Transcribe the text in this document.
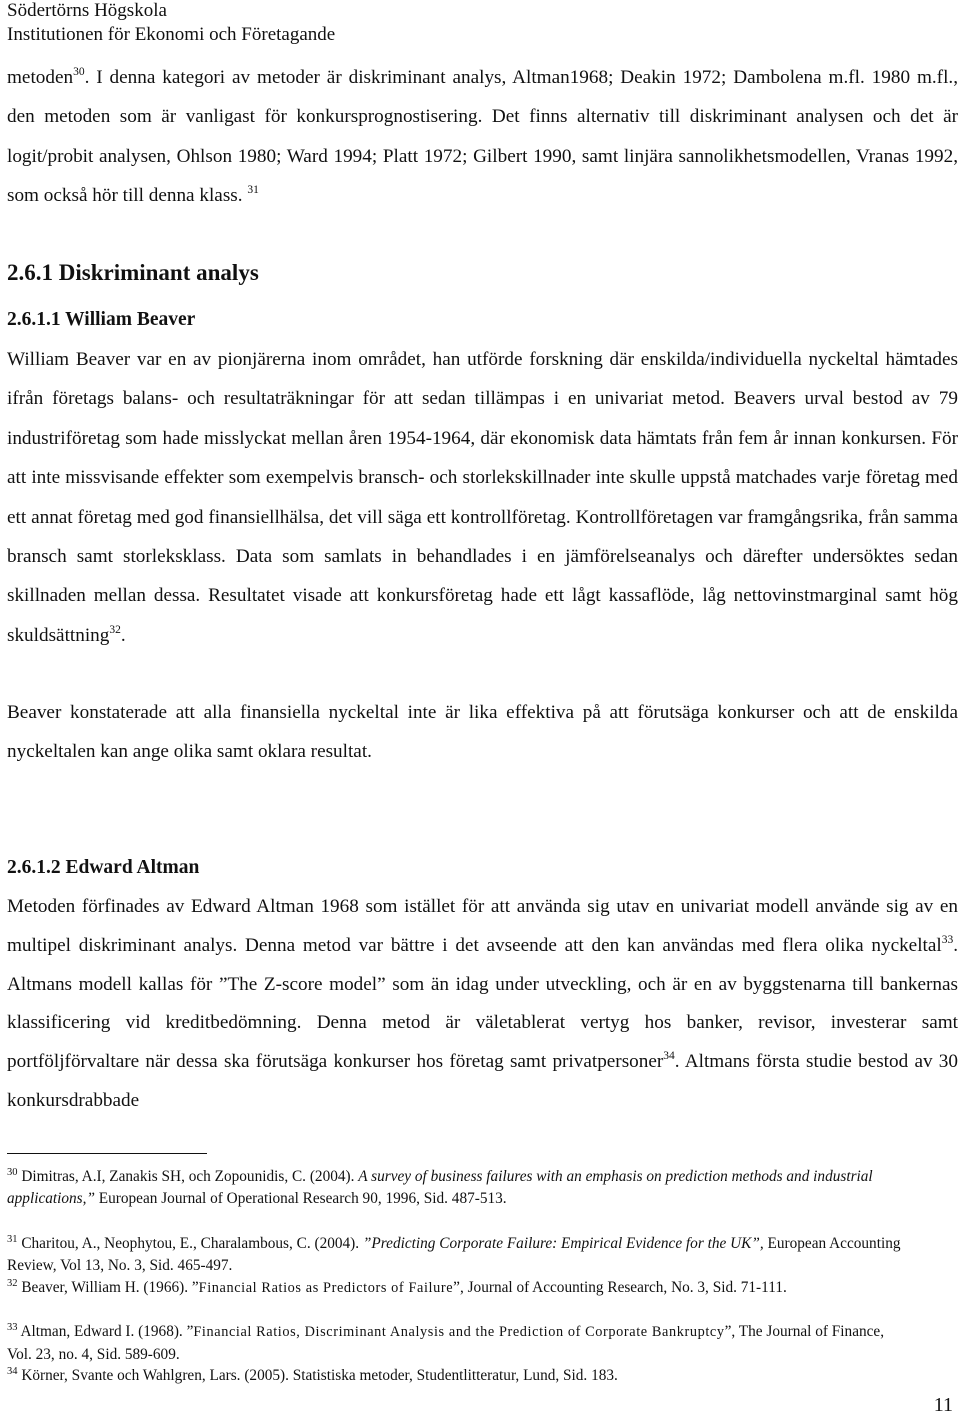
Södertörns Högskola
Institutionen för Ekonomi och Företagande
metoden$^{30}$. I denna kategori av metoder är diskriminant analys, Altman1968; Deakin 1972; Dambolena m.fl. 1980 m.fl., den metoden som är vanligast för konkursprognostisering. Det finns alternativ till diskriminant analysen och det är logit/probit analysen, Ohlson 1980; Ward 1994; Platt 1972; Gilbert 1990, samt linjära sannolikhetsmodellen, Vranas 1992, som också hör till denna klass. $^{31}$
2.6.1 Diskriminant analys
2.6.1.1 William Beaver
William Beaver var en av pionjärerna inom området, han utförde forskning där enskilda/individuella nyckeltal hämtades ifrån företags balans- och resultaträkningar för att sedan tillämpas i en univariat metod. Beavers urval bestod av 79 industriföretag som hade misslyckat mellan åren 1954-1964, där ekonomisk data hämtats från fem år innan konkursen. För att inte missvisande effekter som exempelvis bransch- och storlekskillnader inte skulle uppstå matchades varje företag med ett annat företag med god finansiellhälsa, det vill säga ett kontrollföretag. Kontrollföretagen var framgångsrika, från samma bransch samt storleksklass. Data som samlats in behandlades i en jämförelseanalys och därefter undersöktes sedan skillnaden mellan dessa. Resultatet visade att konkursföretag hade ett lågt kassaflöde, låg nettovinstmarginal samt hög skuldsättning$^{32}$.
Beaver konstaterade att alla finansiella nyckeltal inte är lika effektiva på att förutsäga konkurser och att de enskilda nyckeltalen kan ange olika samt oklara resultat.
2.6.1.2 Edward Altman
Metoden förfinades av Edward Altman 1968 som istället för att använda sig utav en univariat modell använde sig av en multipel diskriminant analys. Denna metod var bättre i det avseende att den kan användas med flera olika nyckeltal$^{33}$. Altmans modell kallas för ”The Z-score model” som än idag under utveckling, och är en av byggstenarna till bankernas klassificering vid kreditbedömning. Denna metod är väletablerat vertyg hos banker, revisor, investerar samt portföljförvaltare när dessa ska förutsäga konkurser hos företag samt privatpersoner$^{34}$. Altmans första studie bestod av 30 konkursdrabbade
$^{30}$ Dimitras, A.I, Zanakis SH, och Zopounidis, C. (2004). A survey of business failures with an emphasis on prediction methods and industrial applications,” European Journal of Operational Research 90, 1996, Sid. 487-513.
$^{31}$ Charitou, A., Neophytou, E., Charalambous, C. (2004). ”Predicting Corporate Failure: Empirical Evidence for the UK”, European Accounting Review, Vol 13, No. 3, Sid. 465-497.
$^{32}$ Beaver, William H. (1966). ”Financial Ratios as Predictors of Failure”, Journal of Accounting Research, No. 3, Sid. 71-111.
$^{33}$ Altman, Edward I. (1968). ”Financial Ratios, Discriminant Analysis and the Prediction of Corporate Bankruptcy”, The Journal of Finance, Vol. 23, no. 4, Sid. 589-609.
$^{34}$ Körner, Svante och Wahlgren, Lars. (2005). Statistiska metoder, Studentlitteratur, Lund, Sid. 183.
11
